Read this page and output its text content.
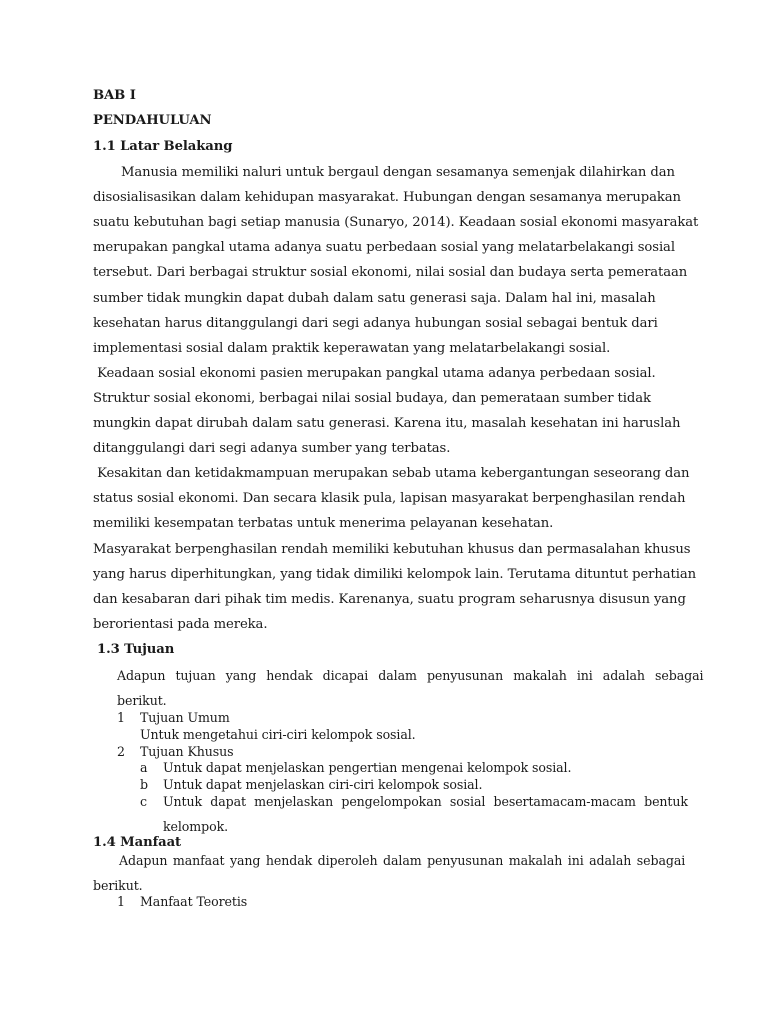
BAB I
PENDAHULUAN
1.1 Latar Belakang
Manusia memiliki naluri untuk bergaul dengan sesamanya semenjak dilahirkan dan
disosialisasikan dalam kehidupan masyarakat. Hubungan dengan sesamanya merupakan
suatu kebutuhan bagi setiap manusia (Sunaryo, 2014). Keadaan sosial ekonomi masyarakat
merupakan pangkal utama adanya suatu perbedaan sosial yang melatarbelakangi sosial
tersebut. Dari berbagai struktur sosial ekonomi, nilai sosial dan budaya serta pemerataan
sumber tidak mungkin dapat dubah dalam satu generasi saja. Dalam hal ini, masalah
kesehatan harus ditanggulangi dari segi adanya hubungan sosial sebagai bentuk dari
implementasi sosial dalam praktik keperawatan yang melatarbelakangi sosial.
Keadaan sosial ekonomi pasien merupakan pangkal utama adanya perbedaan sosial.
Struktur sosial ekonomi, berbagai nilai sosial budaya, dan pemerataan sumber tidak
mungkin dapat dirubah dalam satu generasi. Karena itu, masalah kesehatan ini haruslah
ditanggulangi dari segi adanya sumber yang terbatas.
Kesakitan dan ketidakmampuan merupakan sebab utama kebergantungan seseorang dan
status sosial ekonomi. Dan secara klasik pula, lapisan masyarakat berpenghasilan rendah
memiliki kesempatan terbatas untuk menerima pelayanan kesehatan.
Masyarakat berpenghasilan rendah memiliki kebutuhan khusus dan permasalahan khusus
yang harus diperhitungkan, yang tidak dimiliki kelompok lain. Terutama dituntut perhatian
dan kesabaran dari pihak tim medis. Karenanya, suatu program seharusnya disusun yang
berorientasi pada mereka.
1.3 Tujuan
Adapun tujuan yang hendak dicapai dalam penyusunan makalah ini adalah sebagai
berikut.
1 Tujuan Umum
Untuk mengetahui ciri-ciri kelompok sosial.
2 Tujuan Khusus
a Untuk dapat menjelaskan pengertian mengenai kelompok sosial.
b Untuk dapat menjelaskan ciri-ciri kelompok sosial.
c Untuk dapat menjelaskan pengelompokan sosial besertamacam-macam bentuk
kelompok.
1.4 Manfaat
Adapun manfaat yang hendak diperoleh dalam penyusunan makalah ini adalah sebagai
berikut.
1 Manfaat Teoretis
